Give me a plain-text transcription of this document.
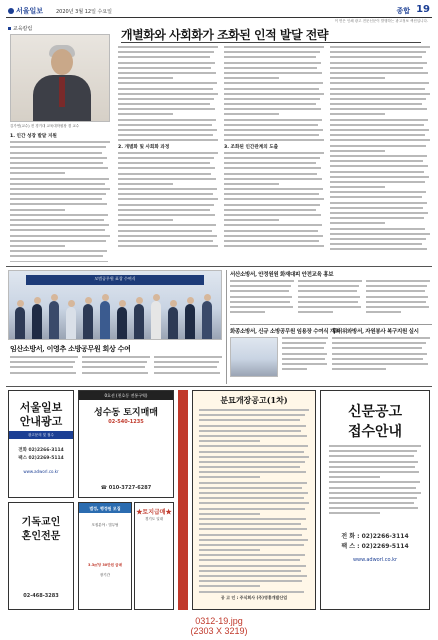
서울일보	2020년 3월 12일 수요일	종합 19
이 면은 인쇄 광고 전문신문이 발행하는 광고정보 섹션입니다.
교육칼럼	개별화와 사회화가 조화된 인적 발달 전략
김가연(교수) 전 경기대 교육대학원장 겸 교수
1. 인간 성장 발달 지원
2. 개별화 및 사회화 과정	3. 조화된 인간관계의 도출
모범공무원 표창 수여식
임산소방서, 이영추 소방공무원 회상 수여
서산소방서, 안정원원 화재대피 안전교육 홍보
화종소방서, 신규 소방공무원 임용장 수여식 개최
무더위와방서, 자원봉사 복구지원 실시
서울일보
안내광고
광고문의 및 접수
전화 02)2266-3114
팩스 02)2269-5114
www.adworl.co.kr
기독교인
혼인전문
02-468-3283
0호선 (천호동 전통구역)
성수동 토지매매
02-540-1235
☎ 010-3727-6287
법정, 행정원 모집
모집분야 : 법무팀
3.3㎡당 30만원 급매
장기간
★토지급매★
경기도 일대
분묘개장공고(1차)
공 고 인 : 주식회사 (주)영흥개발산업
신문공고
접수안내
전 화 : 02)2266-3114
팩 스 : 02)2269-5114
www.adworl.co.kr
0312-19.jpg
(2303 X 3219)
